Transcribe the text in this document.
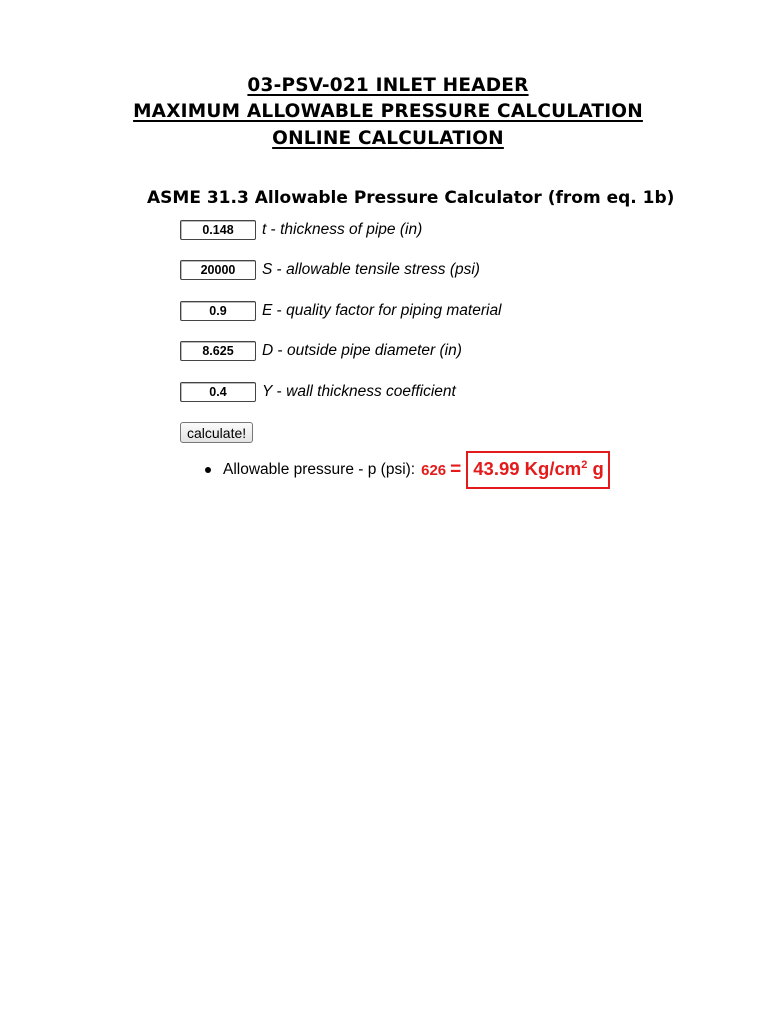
03-PSV-021 INLET HEADER
MAXIMUM ALLOWABLE PRESSURE CALCULATION
ONLINE CALCULATION
ASME 31.3 Allowable Pressure Calculator (from eq. 1b)
0.148
t - thickness of pipe (in)
20000
S - allowable tensile stress (psi)
0.9
E - quality factor for piping material
8.625
D - outside pipe diameter (in)
0.4
Y - wall thickness coefficient
calculate!
Allowable pressure - p (psi): 626 = 43.99 $Kg/cm^2$ g
